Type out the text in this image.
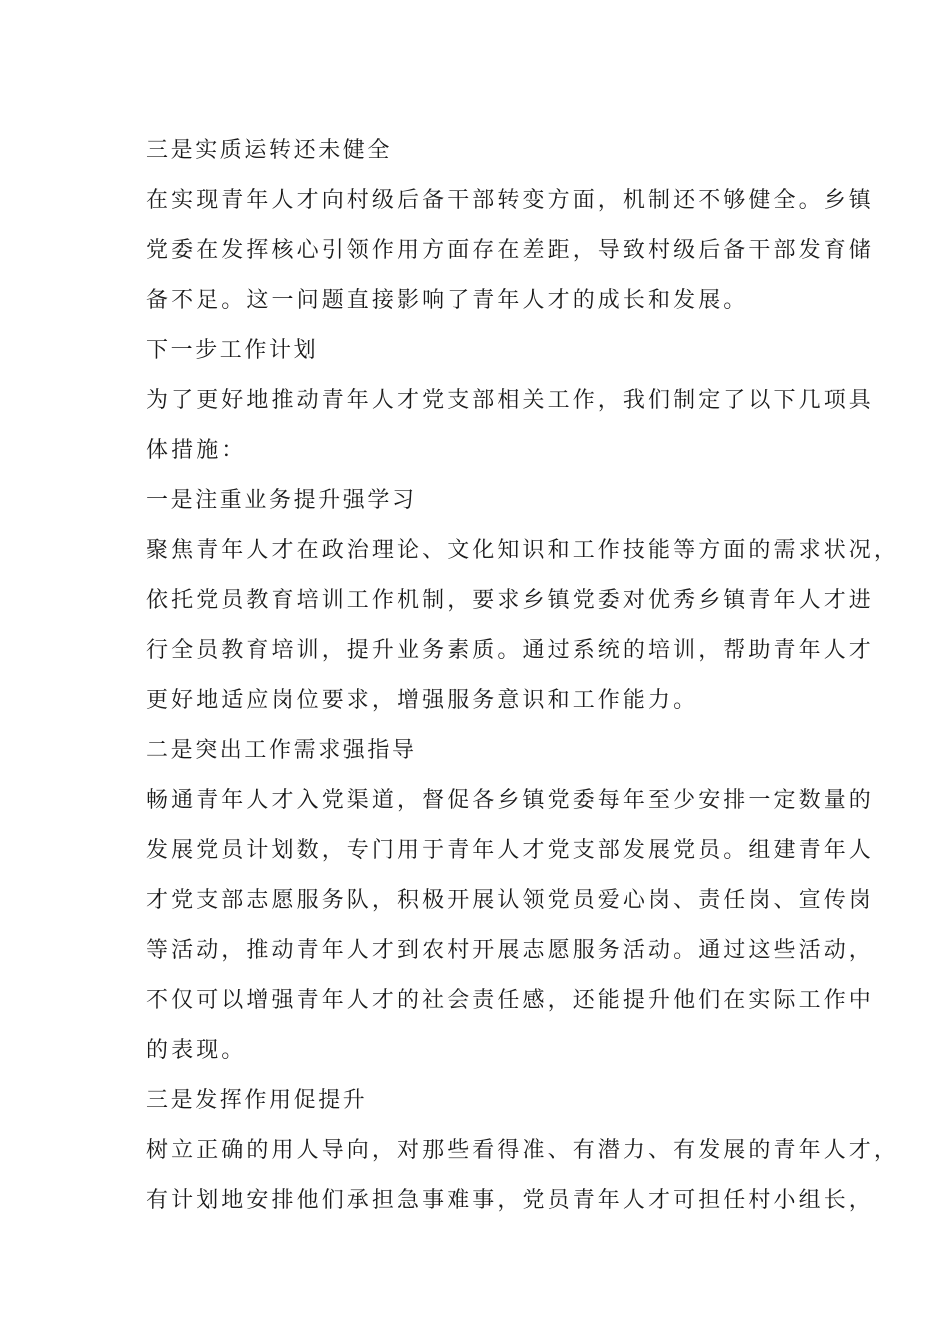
三是实质运转还未健全

在实现青年人才向村级后备干部转变方面，机制还不够健全。乡镇

党委在发挥核心引领作用方面存在差距，导致村级后备干部发育储

备不足。这一问题直接影响了青年人才的成长和发展。

下一步工作计划

为了更好地推动青年人才党支部相关工作，我们制定了以下几项具

体措施：

一是注重业务提升强学习

聚焦青年人才在政治理论、文化知识和工作技能等方面的需求状况，

依托党员教育培训工作机制，要求乡镇党委对优秀乡镇青年人才进

行全员教育培训，提升业务素质。通过系统的培训，帮助青年人才

更好地适应岗位要求，增强服务意识和工作能力。

二是突出工作需求强指导

畅通青年人才入党渠道，督促各乡镇党委每年至少安排一定数量的

发展党员计划数，专门用于青年人才党支部发展党员。组建青年人

才党支部志愿服务队，积极开展认领党员爱心岗、责任岗、宣传岗

等活动，推动青年人才到农村开展志愿服务活动。通过这些活动，

不仅可以增强青年人才的社会责任感，还能提升他们在实际工作中

的表现。

三是发挥作用促提升

树立正确的用人导向，对那些看得准、有潜力、有发展的青年人才，

有计划地安排他们承担急事难事，党员青年人才可担任村小组长，
